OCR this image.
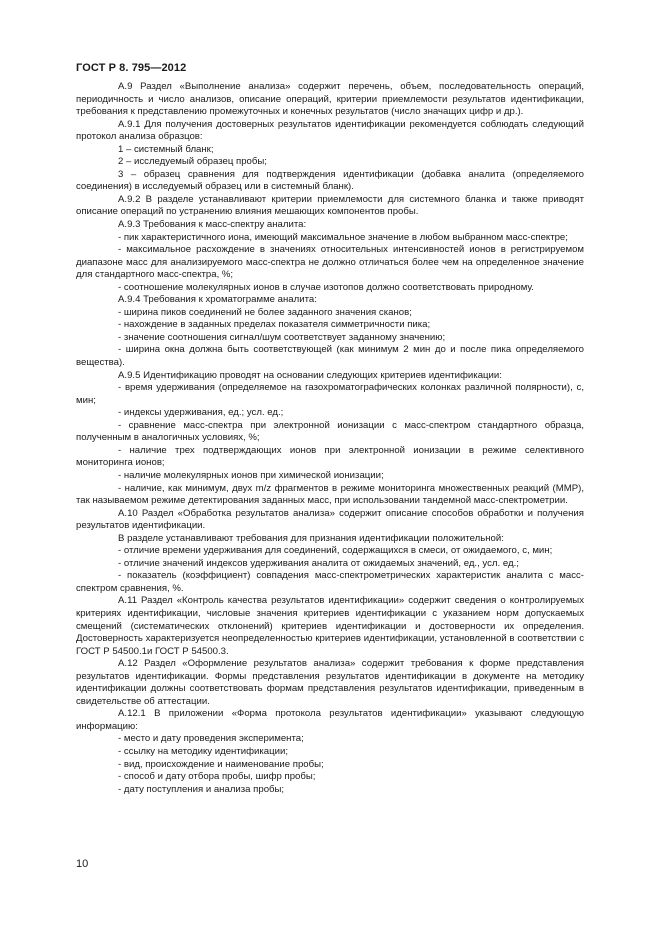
ГОСТ Р 8. 795—2012

А.9 Раздел «Выполнение анализа» содержит перечень, объем, последовательность операций, периодичность и число анализов, описание операций, критерии приемлемости результатов идентификации, требования к представлению промежуточных и конечных результатов (число значащих цифр и др.).

А.9.1 Для получения достоверных результатов идентификации рекомендуется соблюдать следующий протокол анализа образцов:

1 – системный бланк;

2 – исследуемый образец пробы;

3 – образец сравнения для подтверждения идентификации (добавка аналита (определяемого соединения) в исследуемый образец или в системный бланк).

А.9.2 В разделе устанавливают критерии приемлемости для системного бланка и также приводят описание операций по устранению влияния мешающих компонентов пробы.

А.9.3 Требования к масс-спектру аналита:

- пик характеристичного иона, имеющий максимальное значение в любом выбранном масс-спектре;

- максимальное расхождение в значениях относительных интенсивностей ионов в регистрируемом диапазоне масс для анализируемого масс-спектра не должно отличаться более чем на определенное значение для стандартного масс-спектра, %;

- соотношение молекулярных ионов в случае изотопов должно соответствовать природному.

А.9.4 Требования к хроматограмме аналита:

- ширина пиков соединений не более заданного значения сканов;

- нахождение в заданных пределах показателя симметричности пика;

- значение соотношения сигнал/шум соответствует заданному значению;

- ширина окна должна быть соответствующей (как минимум 2 мин до и после пика определяемого вещества).

А.9.5 Идентификацию проводят на основании следующих критериев идентификации:

- время удерживания (определяемое на газохроматографических колонках различной полярности), с, мин;

- индексы удерживания, ед.; усл. ед.;

- сравнение масс-спектра при электронной ионизации с масс-спектром стандартного образца, полученным в аналогичных условиях, %;

- наличие трех подтверждающих ионов при электронной ионизации в режиме селективного мониторинга ионов;

- наличие молекулярных ионов при химической ионизации;

- наличие, как минимум, двух m/z фрагментов в режиме мониторинга множественных реакций (ММР), так называемом режиме детектирования заданных масс, при использовании тандемной масс-спектрометрии.

А.10 Раздел «Обработка результатов анализа» содержит описание способов обработки и получения результатов идентификации.

В разделе устанавливают требования для признания идентификации положительной:

- отличие времени удерживания для соединений, содержащихся в смеси, от ожидаемого, с, мин;

- отличие значений индексов удерживания аналита от ожидаемых значений, ед., усл. ед.;

- показатель (коэффициент) совпадения масс-спектрометрических характеристик аналита с масс-спектром сравнения, %.

А.11 Раздел «Контроль качества результатов идентификации» содержит сведения о контролируемых критериях идентификации, числовые значения критериев идентификации с указанием норм допускаемых смещений (систематических отклонений) критериев идентификации и достоверности их определения. Достоверность характеризуется неопределенностью критериев идентификации, установленной в соответствии с ГОСТ Р 54500.1и ГОСТ Р 54500.3.

А.12 Раздел «Оформление результатов анализа» содержит требования к форме представления результатов идентификации. Формы представления результатов идентификации в документе на методику идентификации должны соответствовать формам представления результатов идентификации, приведенным в свидетельстве об аттестации.

А.12.1 В приложении «Форма протокола результатов идентификации» указывают следующую информацию:

- место и дату проведения эксперимента;

- ссылку на методику идентификации;

- вид, происхождение и наименование пробы;

- способ и дату отбора пробы, шифр пробы;

- дату поступления и анализа пробы;

10
